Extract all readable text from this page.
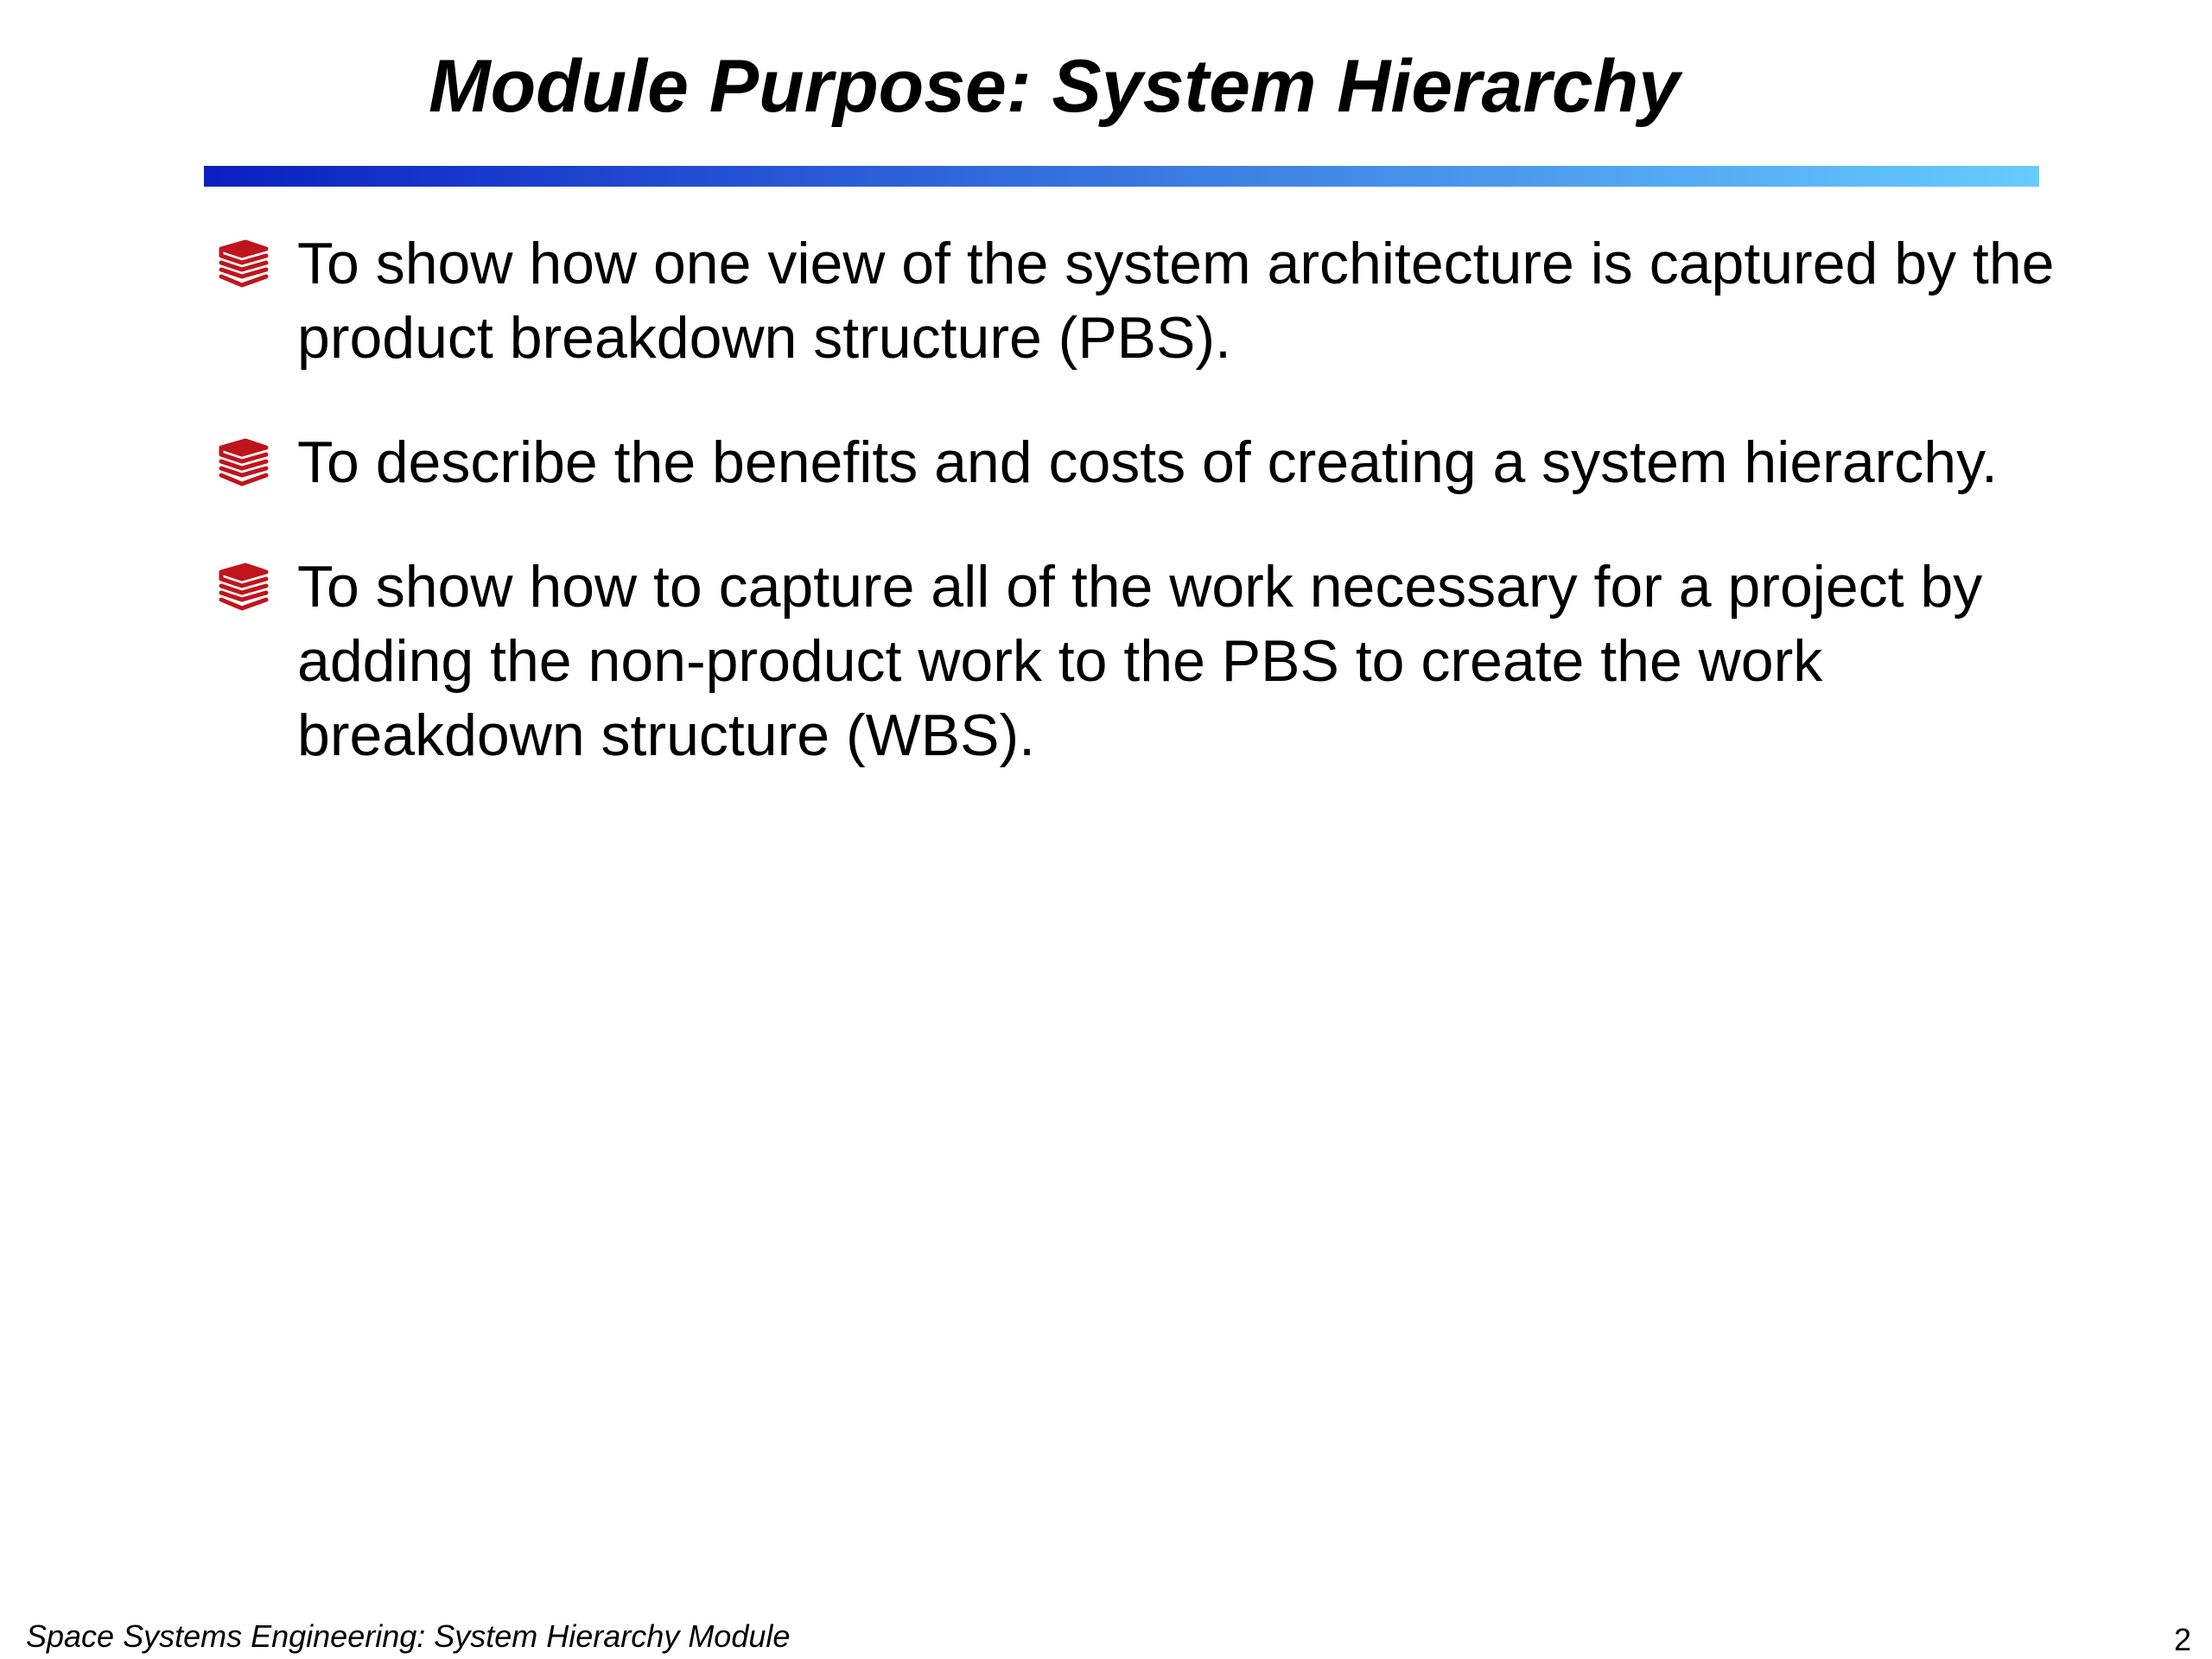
Module Purpose: System Hierarchy
To show how one view of the system architecture is captured by the product breakdown structure (PBS).
To describe the benefits and costs of creating a system hierarchy.
To show how to capture all of the work necessary for a project by adding the non-product work to the PBS to create the work breakdown structure (WBS).
Space Systems Engineering: System Hierarchy Module	2
